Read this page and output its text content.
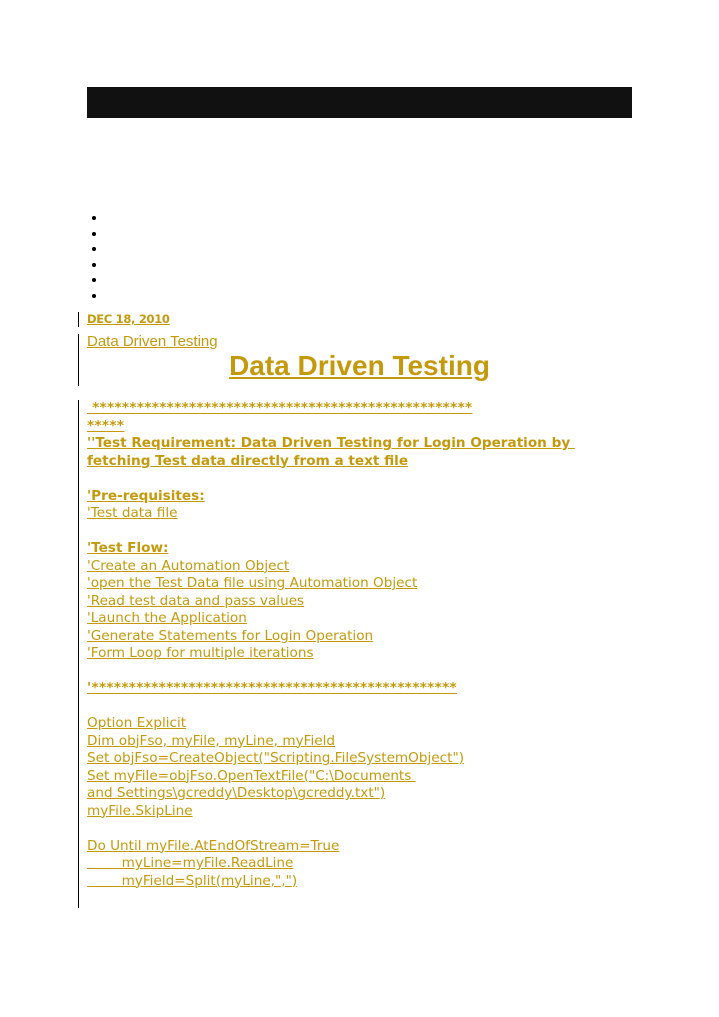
DEC 18, 2010

Data Driven Testing

Data Driven Testing
***************************************************
*****
''Test Requirement: Data Driven Testing for Login Operation by
fetching Test data directly from a text file
'Pre-requisites:
'Test data file
'Test Flow:
'Create an Automation Object
'open the Test Data file using Automation Object
'Read test data and pass values
'Launch the Application
'Generate Statements for Login Operation
'Form Loop for multiple iterations
'*************************************************
Option Explicit
Dim objFso, myFile, myLine, myField
Set objFso=CreateObject("Scripting.FileSystemObject")
Set myFile=objFso.OpenTextFile("C:\Documents
and Settings\gcreddy\Desktop\gcreddy.txt")
myFile.SkipLine
Do Until myFile.AtEndOfStream=True
myLine=myFile.ReadLine
myField=Split(myLine,",")
